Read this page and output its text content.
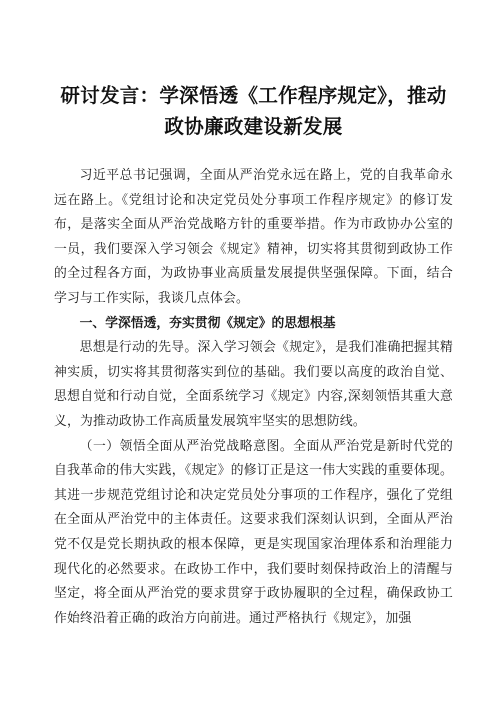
研讨发言：学深悟透《工作程序规定》，推动
政协廉政建设新发展

习近平总书记强调，全面从严治党永远在路上，党的自我革命永远在路上。《党组讨论和决定党员处分事项工作程序规定》的修订发布，是落实全面从严治党战略方针的重要举措。作为市政协办公室的一员，我们要深入学习领会《规定》精神，切实将其贯彻到政协工作的全过程各方面，为政协事业高质量发展提供坚强保障。下面，结合学习与工作实际，我谈几点体会。

一、学深悟透，夯实贯彻《规定》的思想根基

思想是行动的先导。深入学习领会《规定》，是我们准确把握其精神实质，切实将其贯彻落实到位的基础。我们要以高度的政治自觉、思想自觉和行动自觉，全面系统学习《规定》内容,深刻领悟其重大意义，为推动政协工作高质量发展筑牢坚实的思想防线。

（一）领悟全面从严治党战略意图。全面从严治党是新时代党的自我革命的伟大实践，《规定》的修订正是这一伟大实践的重要体现。其进一步规范党组讨论和决定党员处分事项的工作程序，强化了党组在全面从严治党中的主体责任。这要求我们深刻认识到，全面从严治党不仅是党长期执政的根本保障，更是实现国家治理体系和治理能力现代化的必然要求。在政协工作中，我们要时刻保持政治上的清醒与坚定，将全面从严治党的要求贯穿于政协履职的全过程，确保政协工作始终沿着正确的政治方向前进。通过严格执行《规定》，加强
